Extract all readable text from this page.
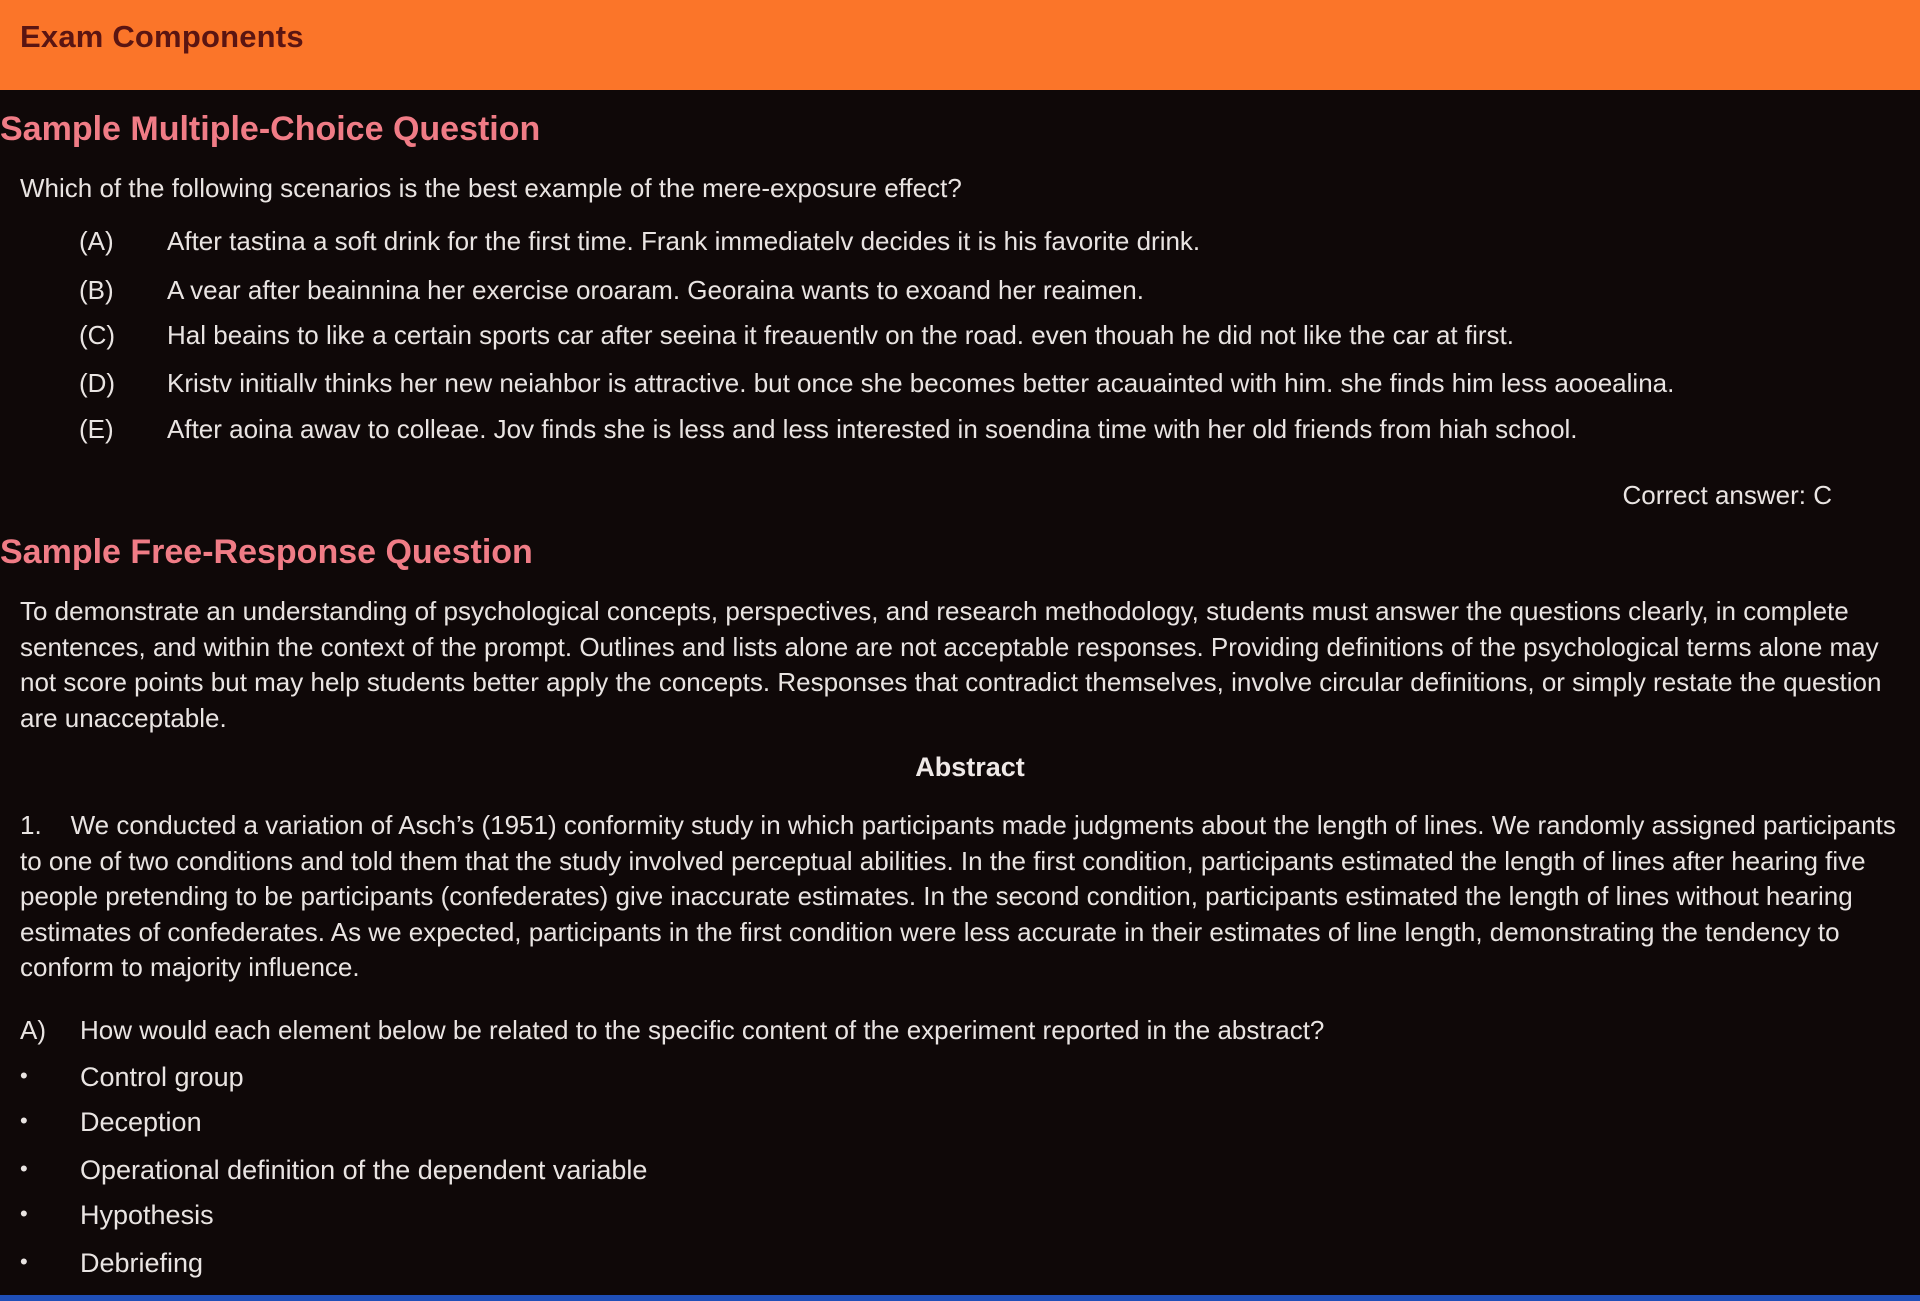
Exam Components
Sample Multiple-Choice Question
Which of the following scenarios is the best example of the mere-exposure effect?
(A) After tastina a soft drink for the first time. Frank immediatelv decides it is his favorite drink.
(B) A vear after beainnina her exercise oroaram. Georaina wants to exoand her reaimen.
(C) Hal beains to like a certain sports car after seeina it freauentlv on the road. even thouah he did not like the car at first.
(D) Kristv initiallv thinks her new neiahbor is attractive. but once she becomes better acauainted with him. she finds him less aooealina.
(E) After aoina awav to colleae. Jov finds she is less and less interested in soendina time with her old friends from hiah school.
Correct answer: C
Sample Free-Response Question
To demonstrate an understanding of psychological concepts, perspectives, and research methodology, students must answer the questions clearly, in complete sentences, and within the context of the prompt. Outlines and lists alone are not acceptable responses. Providing definitions of the psychological terms alone may not score points but may help students better apply the concepts. Responses that contradict themselves, involve circular definitions, or simply restate the question are unacceptable.
Abstract
1.    We conducted a variation of Asch’s (1951) conformity study in which participants made judgments about the length of lines. We randomly assigned participants to one of two conditions and told them that the study involved perceptual abilities. In the first condition, participants estimated the length of lines after hearing five people pretending to be participants (confederates) give inaccurate estimates. In the second condition, participants estimated the length of lines without hearing estimates of confederates. As we expected, participants in the first condition were less accurate in their estimates of line length, demonstrating the tendency to conform to majority influence.
A) How would each element below be related to the specific content of the experiment reported in the abstract?
• Control group
• Deception
• Operational definition of the dependent variable
• Hypothesis
• Debriefing
